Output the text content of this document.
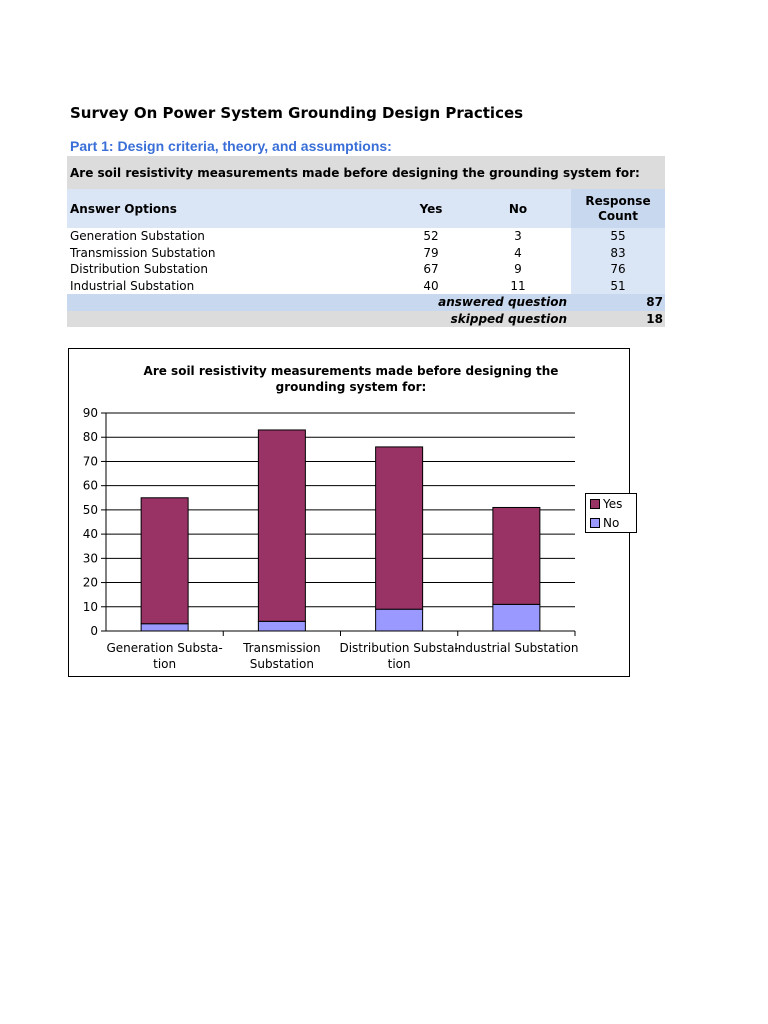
Survey On Power System Grounding Design Practices
Part 1: Design criteria, theory, and assumptions:
Are soil resistivity measurements made before designing the grounding system for:			
Answer Options	Yes	No	Response
Count
Generation Substation	52	3	55
Transmission Substation	79	4	83
Distribution Substation	67	9	76
Industrial Substation	40	11	51
answered question			87
skipped question			18
Are soil resistivity measurements made before designing the grounding system for:
0
10
20
30
40
50
60
70
80
90
Generation Substa-
tion
Transmission
Substation
Distribution Substa-
tion
Industrial Substation
Yes
No
